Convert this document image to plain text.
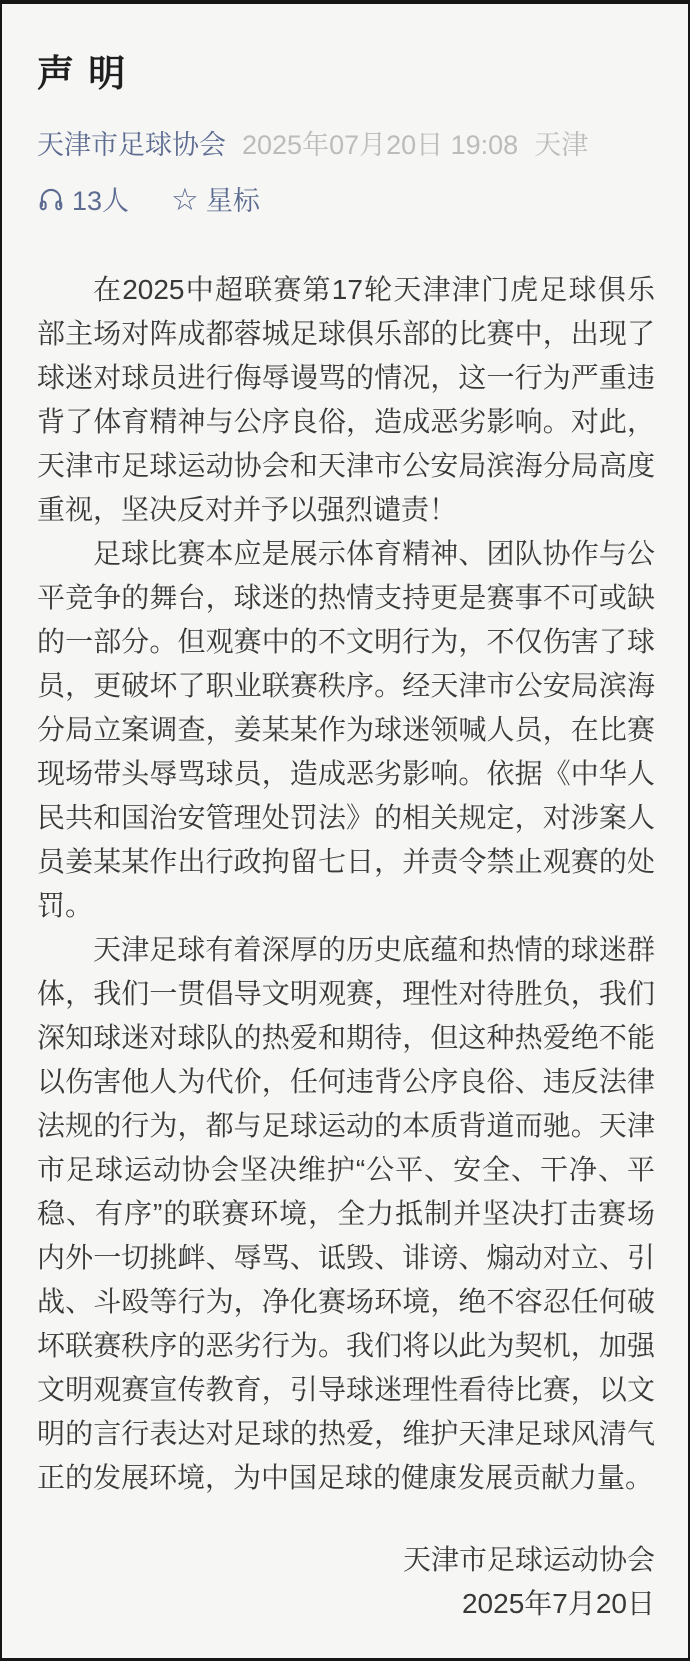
声 明
天津市足球协会 2025年07月20日 19:08 天津
13人 ☆ 星标

在2025中超联赛第17轮天津津门虎足球俱乐部主场对阵成都蓉城足球俱乐部的比赛中，出现了球迷对球员进行侮辱谩骂的情况，这一行为严重违背了体育精神与公序良俗，造成恶劣影响。对此，天津市足球运动协会和天津市公安局滨海分局高度重视，坚决反对并予以强烈谴责！

足球比赛本应是展示体育精神、团队协作与公平竞争的舞台，球迷的热情支持更是赛事不可或缺的一部分。但观赛中的不文明行为，不仅伤害了球员，更破坏了职业联赛秩序。经天津市公安局滨海分局立案调查，姜某某作为球迷领喊人员，在比赛现场带头辱骂球员，造成恶劣影响。依据《中华人民共和国治安管理处罚法》的相关规定，对涉案人员姜某某作出行政拘留七日，并责令禁止观赛的处罚。

天津足球有着深厚的历史底蕴和热情的球迷群体，我们一贯倡导文明观赛，理性对待胜负，我们深知球迷对球队的热爱和期待，但这种热爱绝不能以伤害他人为代价，任何违背公序良俗、违反法律法规的行为，都与足球运动的本质背道而驰。天津市足球运动协会坚决维护“公平、安全、干净、平稳、有序”的联赛环境，全力抵制并坚决打击赛场内外一切挑衅、辱骂、诋毁、诽谤、煽动对立、引战、斗殴等行为，净化赛场环境，绝不容忍任何破坏联赛秩序的恶劣行为。我们将以此为契机，加强文明观赛宣传教育，引导球迷理性看待比赛，以文明的言行表达对足球的热爱，维护天津足球风清气正的发展环境，为中国足球的健康发展贡献力量。

天津市足球运动协会
2025年7月20日
